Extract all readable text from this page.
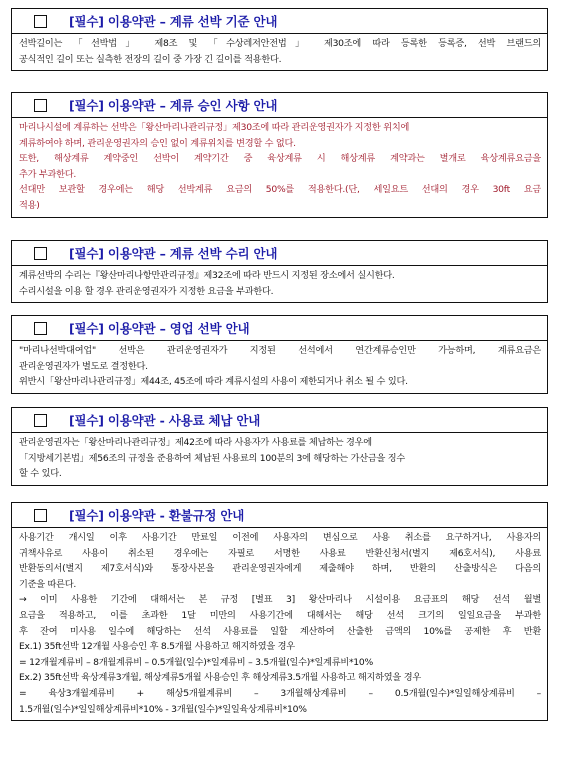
[필수] 이용약관 – 계류 선박 기준 안내
선박길이는 「선박법」 제8조 및 「수상레저안전법」 제30조에 따라 등록한 등록증, 선박 브랜드의
공식적인 길이 또는 실측한 전장의 길이 중 가장 긴 길이를 적용한다.
[필수] 이용약관 – 계류 승인 사항 안내
마리나시설에 계류하는 선박은「왕산마리나관리규정」제30조에 따라 관리운영권자가 지정한 위치에
계류하여야 하며, 관리운영권자의 승인 없이 계류위치를 변경할 수 없다.
또한, 해상계류 계약중인 선박이 계약기간 중 육상계류 시 해상계류 계약과는 별개로 육상계류요금을
추가 부과한다.
선대만 보관할 경우에는 해당 선박계류 요금의 50%를 적용한다.(단, 세일요트 선대의 경우 30ft 요금
적용)
[필수] 이용약관 – 계류 선박 수리 안내
계류선박의 수리는『왕산마리나항만관리규정』제32조에 따라 반드시 지정된 장소에서 실시한다.
수리시설을 이용 할 경우 관리운영권자가 지정한 요금을 부과한다.
[필수] 이용약관 – 영업 선박 안내
"마리나선박대여업" 선박은 관리운영권자가 지정된 선석에서 연간계류승인만 가능하며, 계류요금은
관리운영권자가 별도로 결정한다.
위반시「왕산마리나관리규정」제44조, 45조에 따라 계류시설의 사용이 제한되거나 취소 될 수 있다.
[필수] 이용약관 - 사용료 체납 안내
관리운영권자는「왕산마리나관리규정」제42조에 따라 사용자가 사용료를 체납하는 경우에
「지방세기본법」제56조의 규정을 준용하여 체납된 사용료의 100분의 3에 해당하는 가산금을 징수
할 수 있다.
[필수] 이용약관 - 환불규정 안내
사용기간 개시일 이후 사용기간 만료일 이전에 사용자의 변심으로 사용 취소를 요구하거나, 사용자의
귀책사유로 사용이 취소된 경우에는 자필로 서명한 사용료 반환신청서(별지 제6호서식), 사용료
반환동의서(별지 제7호서식)와 통장사본을 관리운영권자에게 제출해야 하며, 반환의 산출방식은 다음의
기준을 따른다.
→ 이미 사용한 기간에 대해서는 본 규정 [별표 3] 왕산마리나 시설이용 요금표의 해당 선석 월별
요금을 적용하고, 이를 초과한 1달 미만의 사용기간에 대해서는 해당 선석 크기의 일일요금을 부과한
후 잔여 미사용 일수에 해당하는 선석 사용료를 일할 계산하여 산출한 금액의 10%를 공제한 후 반환
Ex.1) 35ft선박 12개월 사용승인 후 8.5개월 사용하고 해지하였을 경우
= 12개월계류비 – 8개월계류비 – 0.5개월(일수)*일계류비 – 3.5개월(일수)*일계류비*10%
Ex.2) 35ft선박 육상계류3개월, 해상계류5개월 사용승인 후 해상계류3.5개월 사용하고 해지하였을 경우
= 육상3개월계류비 + 해상5개월계류비 – 3개월해상계류비 – 0.5개월(일수)*일일해상계류비 –
1.5개월(일수)*일일해상계류비*10% - 3개월(일수)*일일육상계류비*10%
